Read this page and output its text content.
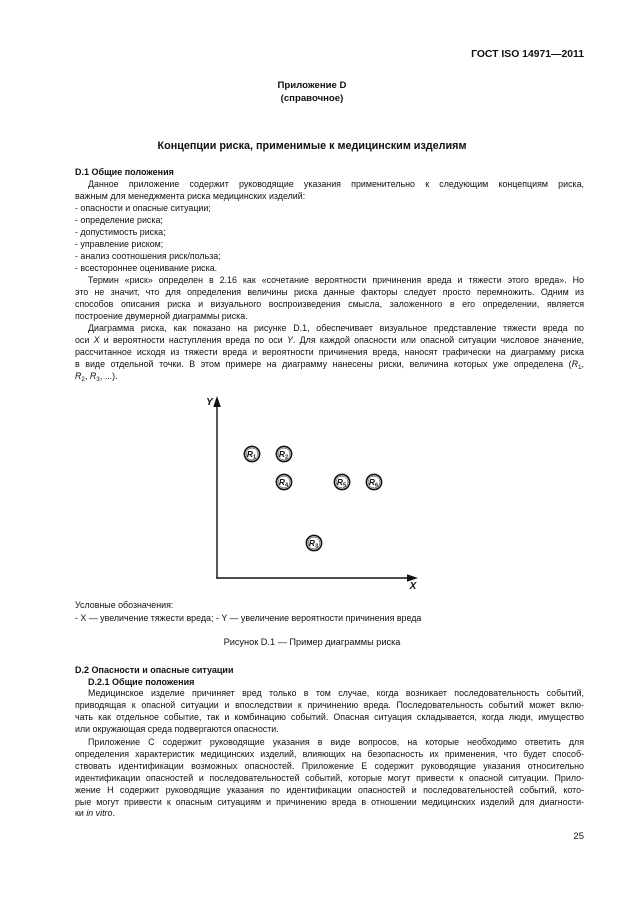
ГОСТ ISO 14971—2011
Приложение D
(справочное)
Концепции риска, применимые к медицинским изделиям
D.1 Общие положения
Данное приложение содержит руководящие указания применительно к следующим концепциям риска,
важным для менеджмента риска медицинских изделий:
- опасности и опасные ситуации;
- определение риска;
- допустимость риска;
- управление риском;
- анализ соотношения риск/польза;
- всестороннее оценивание риска.
Термин «риск» определен в 2.16 как «сочетание вероятности причинения вреда и тяжести этого вреда». Но
это не значит, что для определения величины риска данные факторы следует просто перемножить. Одним из
способов описания риска и визуального воспроизведения смысла, заложенного в его определении, является
построение двумерной диаграммы риска.
Диаграмма риска, как показано на рисунке D.1, обеспечивает визуальное представление тяжести вреда по
оси X и вероятности наступления вреда по оси Y. Для каждой опасности или опасной ситуации числовое значение,
рассчитанное исходя из тяжести вреда и вероятности причинения вреда, наносят графически на диаграмму риска
в виде отдельной точки. В этом примере на диаграмму нанесены риски, величина которых уже определена ($R_1$,
$R_2$, $R_3$, ...).
Y
X
R1	R2
R4	R5	R6
R3
Условные обозначения:
- X — увеличение тяжести вреда; - Y — увеличение вероятности причинения вреда
Рисунок D.1 — Пример диаграммы риска
D.2 Опасности и опасные ситуации
D.2.1 Общие положения
Медицинское изделие причиняет вред только в том случае, когда возникает последовательность событий,
приводящая к опасной ситуации и впоследствии к причинению вреда. Последовательность событий может вклю-
чать как отдельное событие, так и комбинацию событий. Опасная ситуация складывается, когда люди, имущество
или окружающая среда подвергаются опасности.
Приложение C содержит руководящие указания в виде вопросов, на которые необходимо ответить для
определения характеристик медицинских изделий, влияющих на безопасность их применения, что будет способ-
ствовать идентификации возможных опасностей. Приложение E содержит руководящие указания относительно
идентификации опасностей и последовательностей событий, которые могут привести к опасной ситуации. Прило-
жение H содержит руководящие указания по идентификации опасностей и последовательностей событий, кото-
рые могут привести к опасным ситуациям и причинению вреда в отношении медицинских изделий для диагности-
ки in vitro.
25
